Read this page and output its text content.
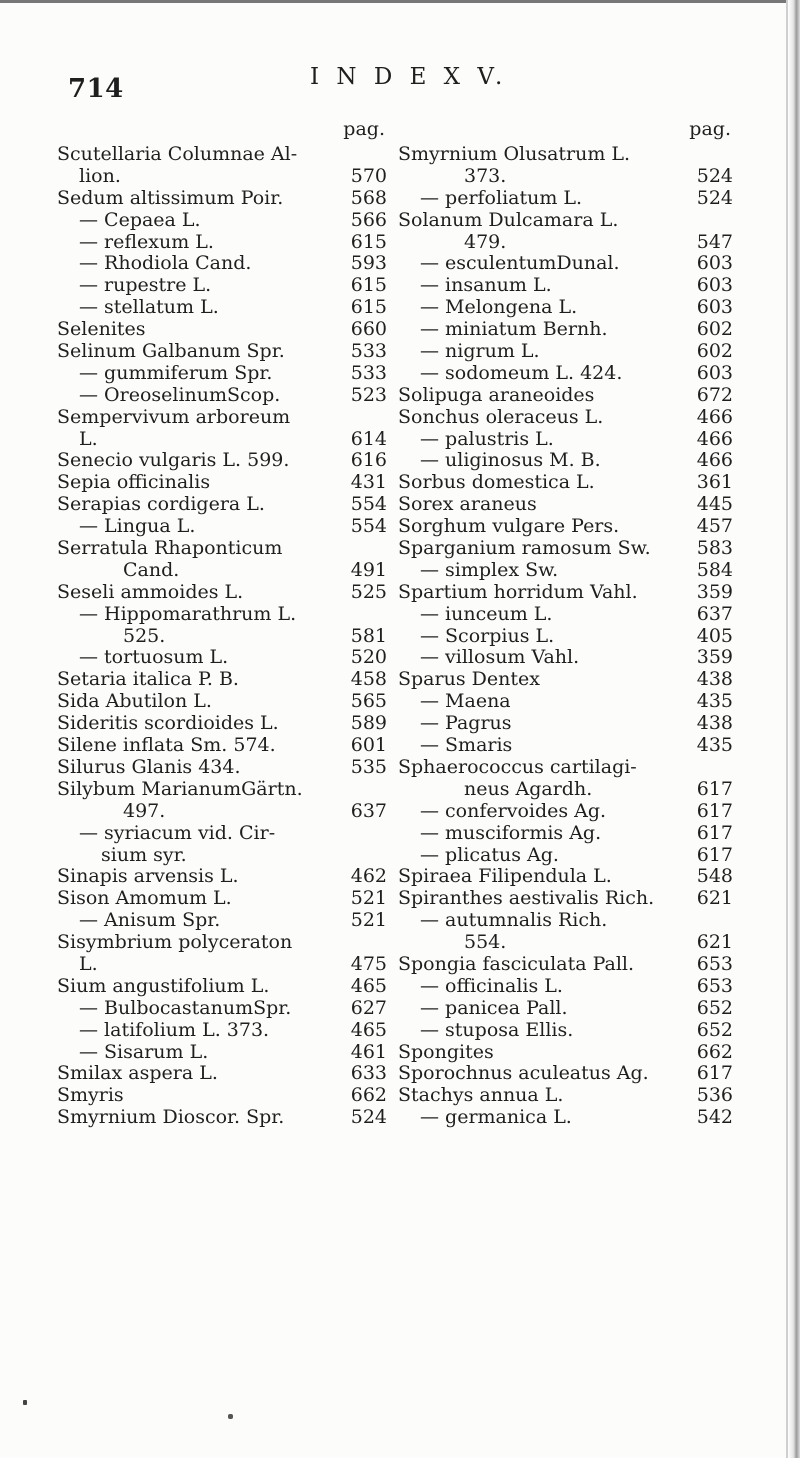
714	I N D E X V.
pag.
Scutellaria Columnae Al-
lion.	570
Sedum altissimum Poir.	568
— Cepaea L.	566
— reflexum L.	615
— Rhodiola Cand.	593
— rupestre L.	615
— stellatum L.	615
Selenites	660
Selinum Galbanum Spr.	533
— gummiferum Spr.	533
— OreoselinumScop.	523
Sempervivum arboreum
L.	614
Senecio vulgaris L. 599.	616
Sepia officinalis	431
Serapias cordigera L.	554
— Lingua L.	554
Serratula Rhaponticum
Cand.	491
Seseli ammoides L.	525
— Hippomarathrum L.
525.	581
— tortuosum L.	520
Setaria italica P. B.	458
Sida Abutilon L.	565
Sideritis scordioides L.	589
Silene inflata Sm. 574.	601
Silurus Glanis 434.	535
Silybum MarianumGärtn.
497.	637
— syriacum vid. Cir-
sium syr.
Sinapis arvensis L.	462
Sison Amomum L.	521
— Anisum Spr.	521
Sisymbrium polyceraton
L.	475
Sium angustifolium L.	465
— BulbocastanumSpr.	627
— latifolium L. 373.	465
— Sisarum L.	461
Smilax aspera L.	633
Smyris	662
Smyrnium Dioscor. Spr.	524
pag.
Smyrnium Olusatrum L.
373.	524
— perfoliatum L.	524
Solanum Dulcamara L.
479.	547
— esculentumDunal.	603
— insanum L.	603
— Melongena L.	603
— miniatum Bernh.	602
— nigrum L.	602
— sodomeum L. 424.	603
Solipuga araneoides	672
Sonchus oleraceus L.	466
— palustris L.	466
— uliginosus M. B.	466
Sorbus domestica L.	361
Sorex araneus	445
Sorghum vulgare Pers.	457
Sparganium ramosum Sw. 583
— simplex Sw.	584
Spartium horridum Vahl.	359
— iunceum L.	637
— Scorpius L.	405
— villosum Vahl.	359
Sparus Dentex	438
— Maena	435
— Pagrus	438
— Smaris	435
Sphaerococcus cartilagi-
neus Agardh.	617
— confervoides Ag.	617
— musciformis Ag.	617
— plicatus Ag.	617
Spiraea Filipendula L.	548
Spiranthes aestivalis Rich. 621
— autumnalis Rich.
554.	621
Spongia fasciculata Pall.	653
— officinalis L.	653
— panicea Pall.	652
— stuposa Ellis.	652
Spongites	662
Sporochnus aculeatus Ag.	617
Stachys annua L.	536
— germanica L.	542
